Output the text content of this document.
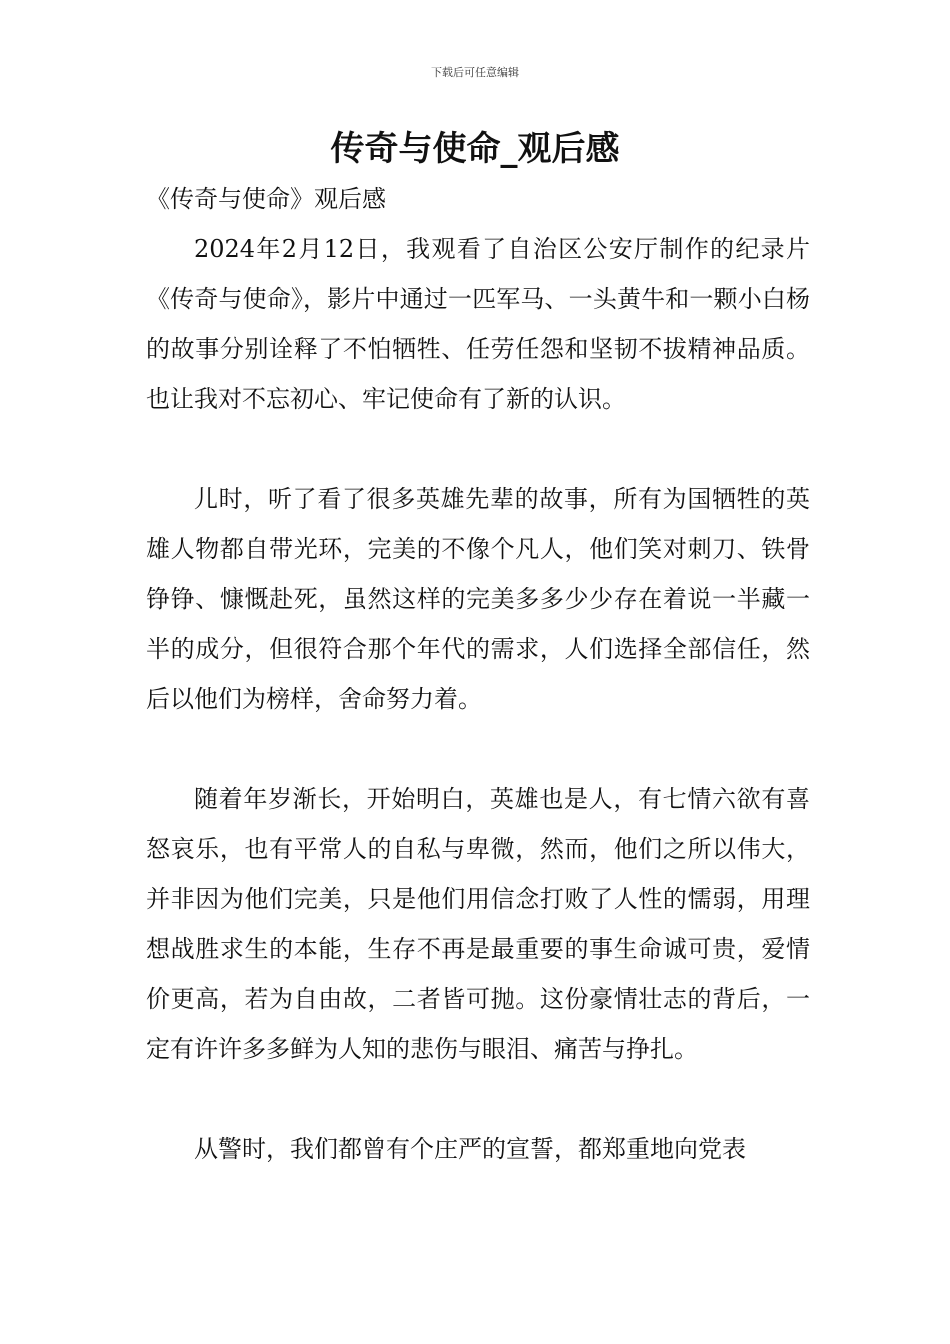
下载后可任意编辑
传奇与使命_观后感

《传奇与使命》观后感

2024年2月12日，我观看了自治区公安厅制作的纪录片《传奇与使命》，影片中通过一匹军马、一头黄牛和一颗小白杨的故事分别诠释了不怕牺牲、任劳任怨和坚韧不拔精神品质。也让我对不忘初心、牢记使命有了新的认识。

儿时，听了看了很多英雄先辈的故事，所有为国牺牲的英雄人物都自带光环，完美的不像个凡人，他们笑对刺刀、铁骨铮铮、慷慨赴死，虽然这样的完美多多少少存在着说一半藏一半的成分，但很符合那个年代的需求，人们选择全部信任，然后以他们为榜样，舍命努力着。

随着年岁渐长，开始明白，英雄也是人，有七情六欲有喜怒哀乐，也有平常人的自私与卑微，然而，他们之所以伟大，并非因为他们完美，只是他们用信念打败了人性的懦弱，用理想战胜求生的本能，生存不再是最重要的事生命诚可贵，爱情价更高，若为自由故，二者皆可抛。这份豪情壮志的背后，一定有许许多多鲜为人知的悲伤与眼泪、痛苦与挣扎。

从警时，我们都曾有个庄严的宣誓，都郑重地向党表
